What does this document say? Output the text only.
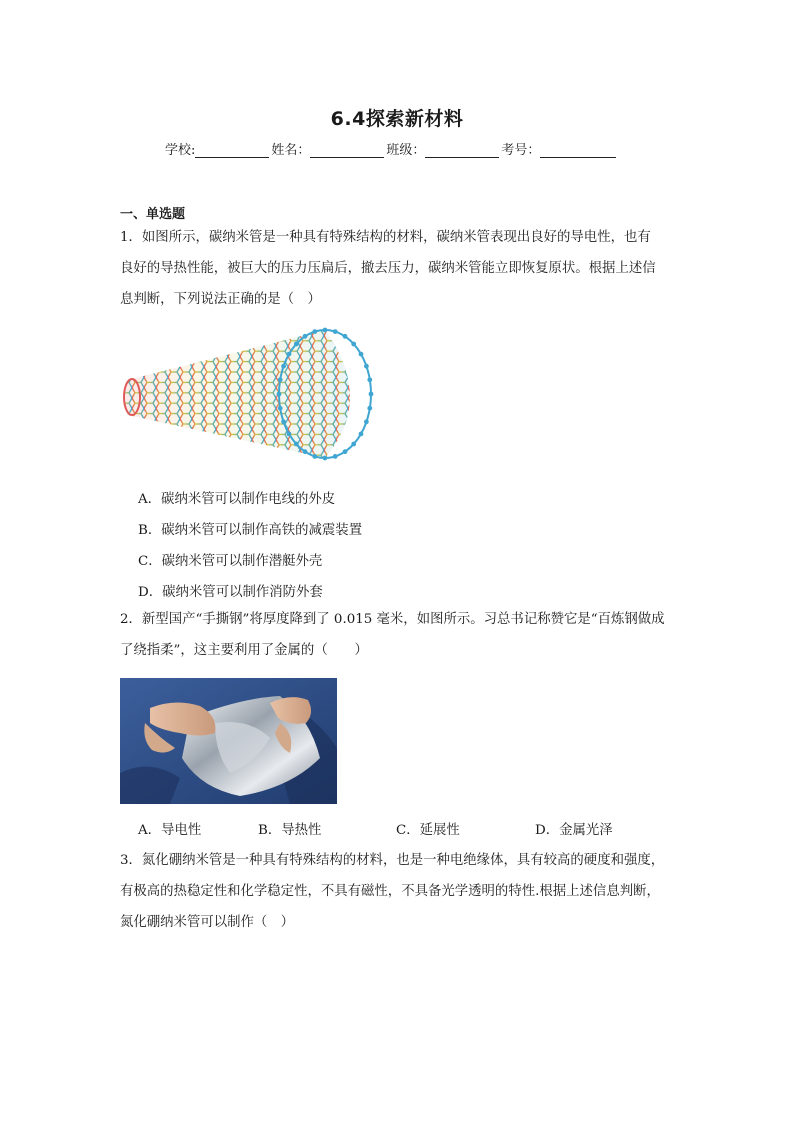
6.4探索新材料
学校:	姓名：	班级：	考号：
一、单选题
1．如图所示，碳纳米管是一种具有特殊结构的材料，碳纳米管表现出良好的导电性，也有
良好的导热性能，被巨大的压力压扁后，撤去压力，碳纳米管能立即恢复原状。根据上述信
息判断，下列说法正确的是（　）
A．碳纳米管可以制作电线的外皮
B．碳纳米管可以制作高铁的减震装置
C．碳纳米管可以制作潜艇外壳
D．碳纳米管可以制作消防外套
2．新型国产“手撕钢”将厚度降到了 0.015 毫米，如图所示。习总书记称赞它是“百炼钢做成
了绕指柔”，这主要利用了金属的（　　）
A．导电性	B．导热性	C．延展性	D．金属光泽
3．氮化硼纳米管是一种具有特殊结构的材料，也是一种电绝缘体，具有较高的硬度和强度，
有极高的热稳定性和化学稳定性，不具有磁性，不具备光学透明的特性.根据上述信息判断，
氮化硼纳米管可以制作（　）
